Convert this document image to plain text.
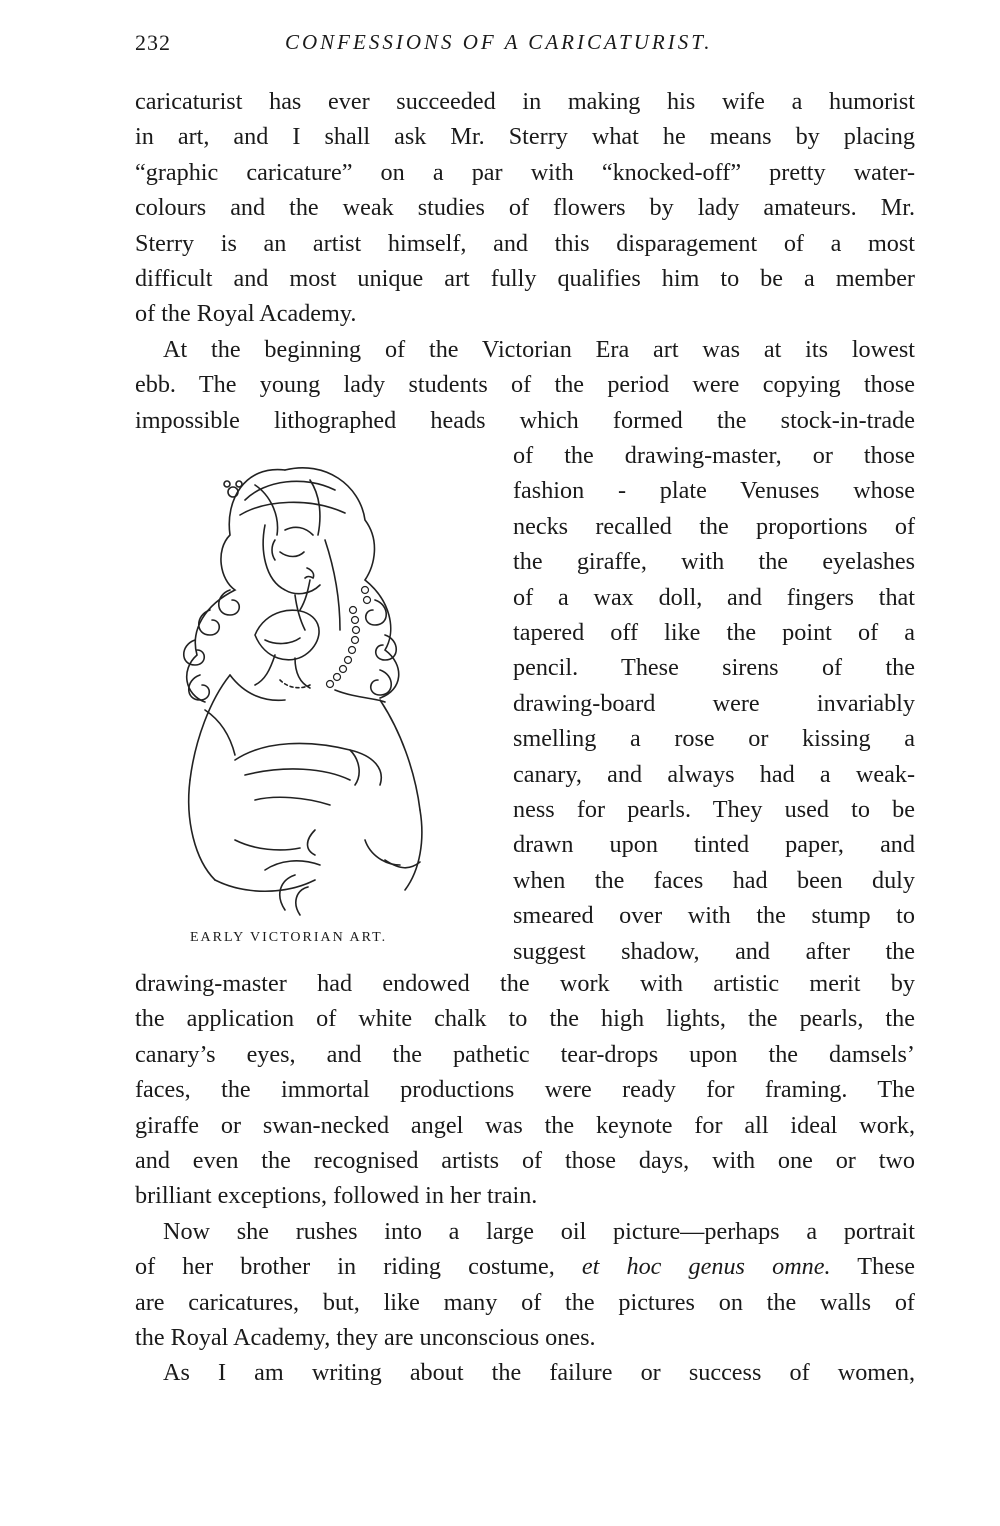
232	CONFESSIONS OF A CARICATURIST.

caricaturist has ever succeeded in making his wife a humorist
in art, and I shall ask Mr. Sterry what he means by placing
“graphic caricature” on a par with “knocked-off” pretty water-
colours and the weak studies of flowers by lady amateurs. Mr.
Sterry is an artist himself, and this disparagement of a most
difficult and most unique art fully qualifies him to be a member
of the Royal Academy.

At the beginning of the Victorian Era art was at its lowest
ebb. The young lady students of the period were copying those
impossible lithographed heads which formed the stock-in-trade

EARLY VICTORIAN ART.
of the drawing-master, or those
fashion - plate Venuses whose
necks recalled the proportions of
the giraffe, with the eyelashes
of a wax doll, and fingers that
tapered off like the point of a
pencil. These sirens of the
drawing-board were invariably
smelling a rose or kissing a
canary, and always had a weak-
ness for pearls. They used to be
drawn upon tinted paper, and
when the faces had been duly
smeared over with the stump to
suggest shadow, and after the

drawing-master had endowed the work with artistic merit by
the application of white chalk to the high lights, the pearls, the
canary’s eyes, and the pathetic tear-drops upon the damsels’
faces, the immortal productions were ready for framing. The
giraffe or swan-necked angel was the keynote for all ideal work,
and even the recognised artists of those days, with one or two
brilliant exceptions, followed in her train.

Now she rushes into a large oil picture—perhaps a portrait
of her brother in riding costume, et hoc genus omne. These
are caricatures, but, like many of the pictures on the walls of
the Royal Academy, they are unconscious ones.

As I am writing about the failure or success of women,
